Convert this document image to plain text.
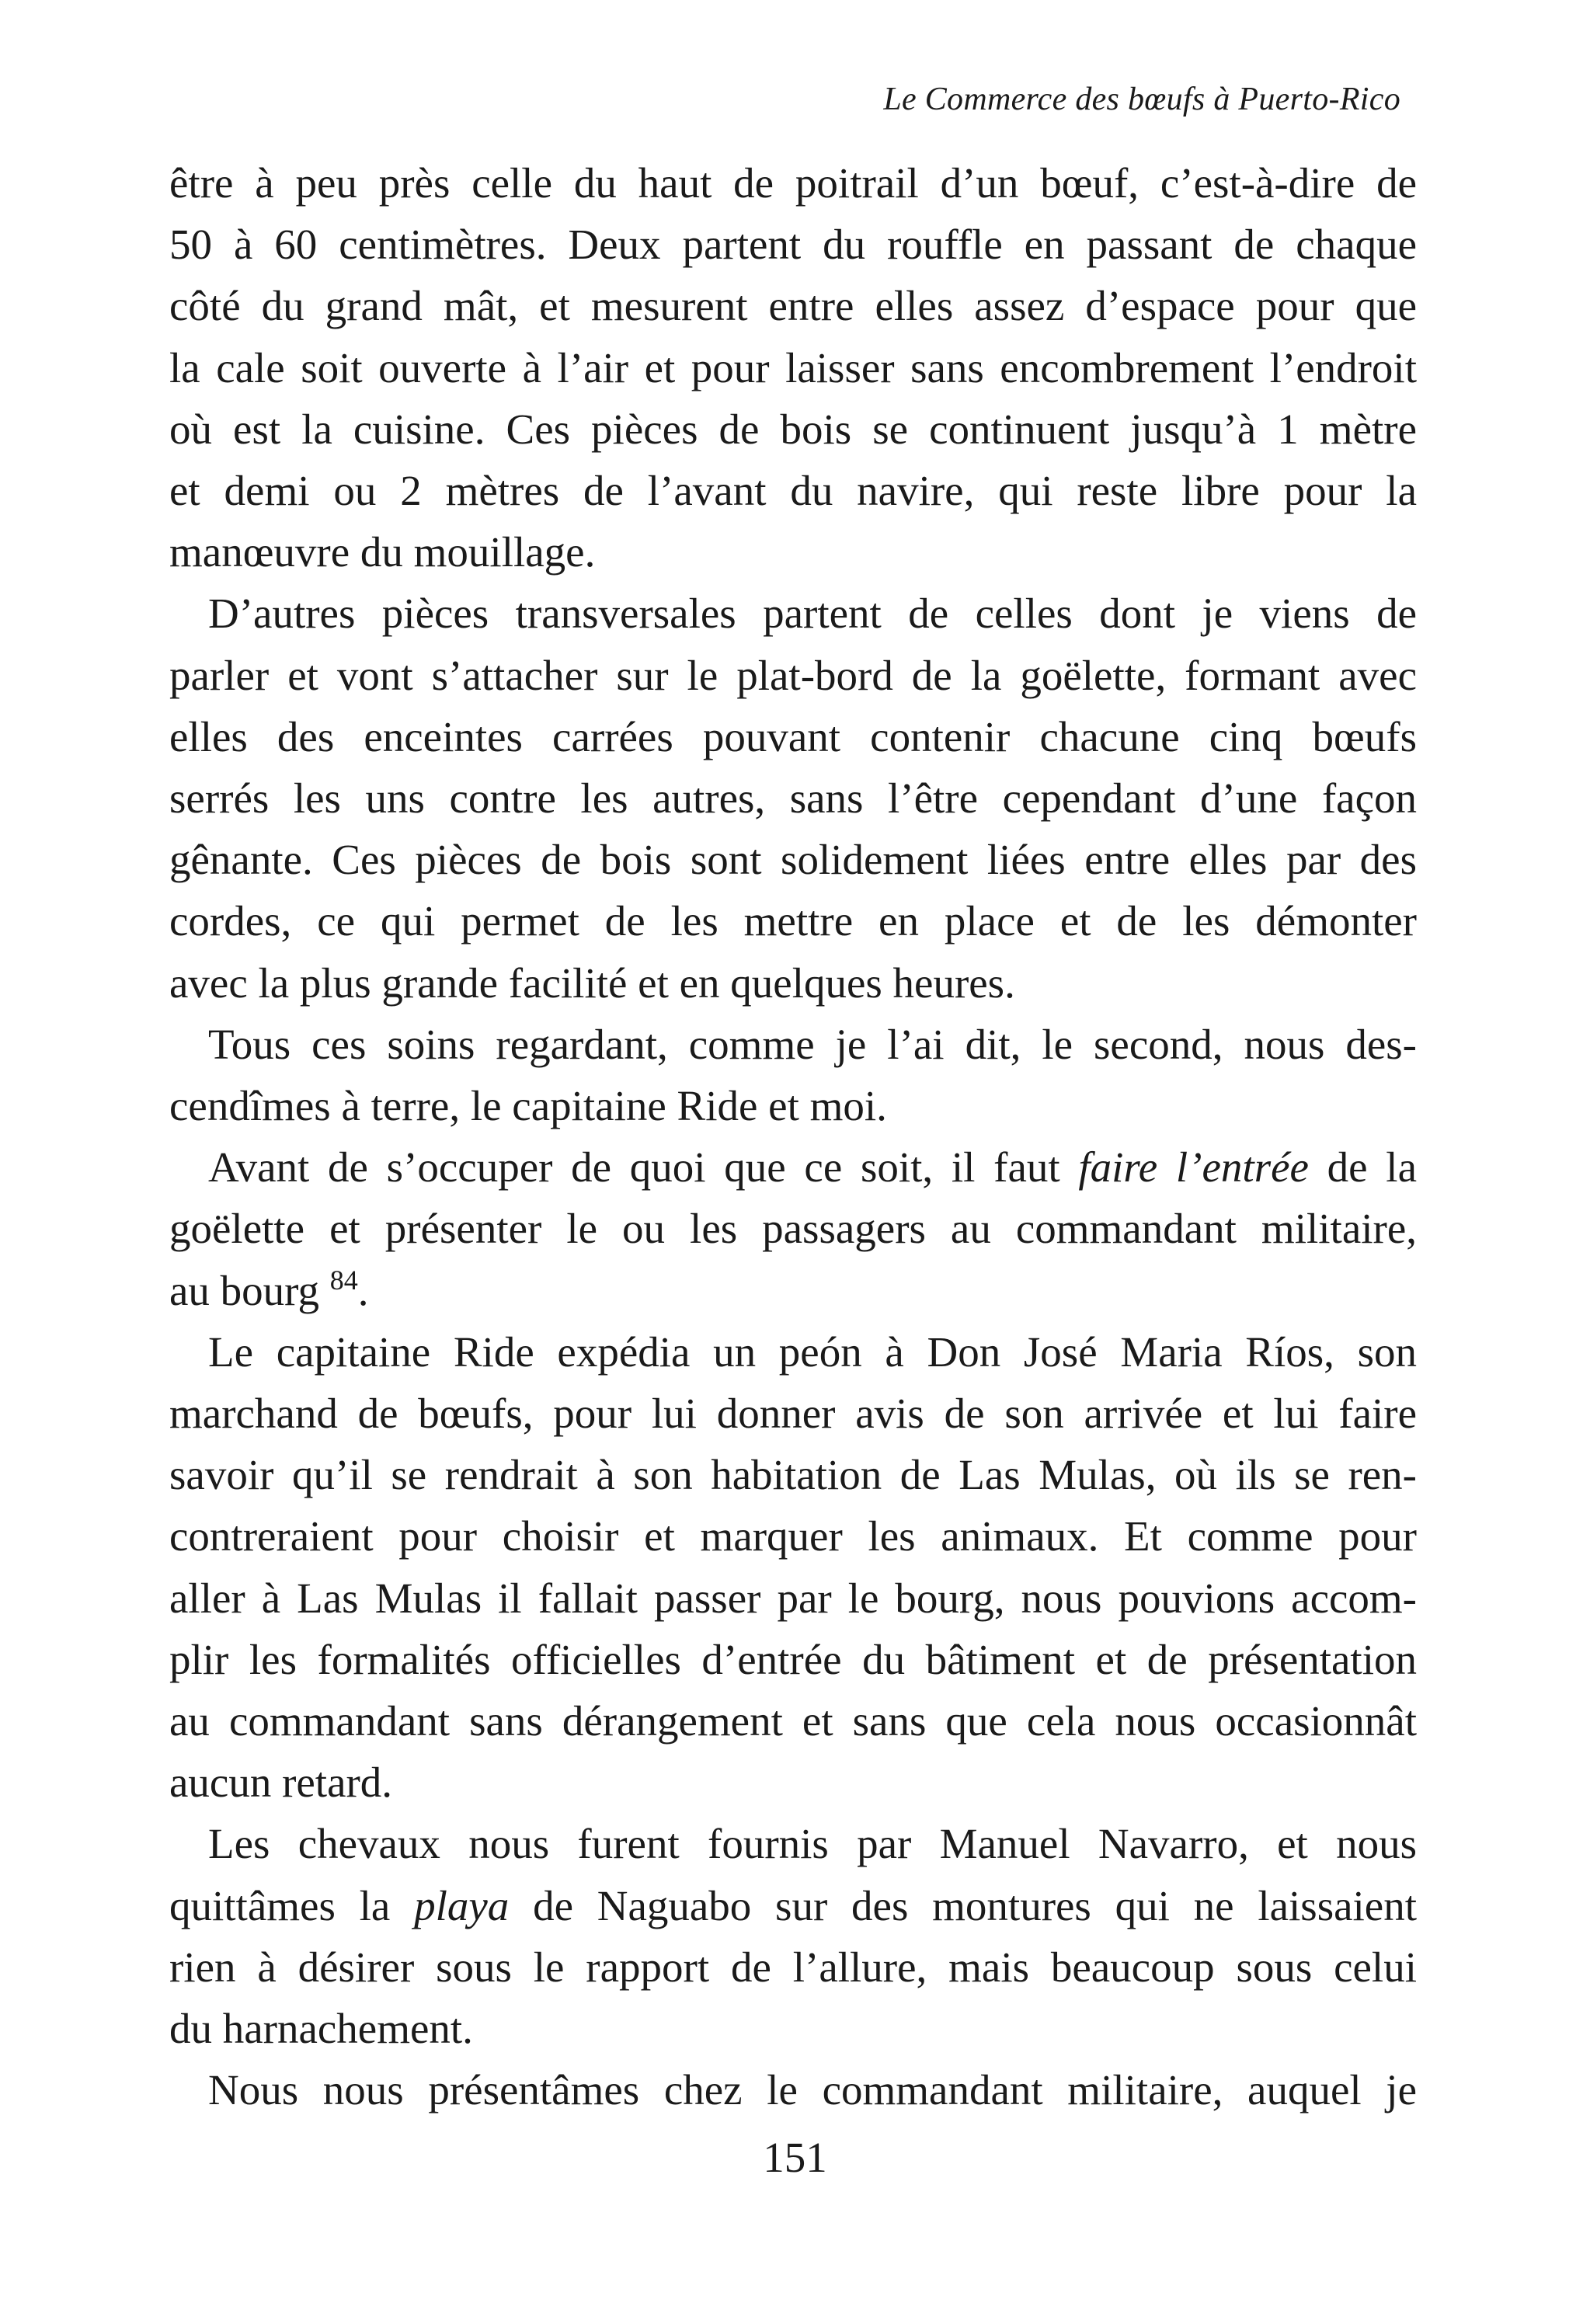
Le Commerce des bœufs à Puerto-Rico

être à peu près celle du haut de poitrail d’un bœuf, c’est-à-dire de
50 à 60 centimètres. Deux partent du rouffle en passant de chaque
côté du grand mât, et mesurent entre elles assez d’espace pour que
la cale soit ouverte à l’air et pour laisser sans encombrement l’endroit
où est la cuisine. Ces pièces de bois se continuent jusqu’à 1 mètre
et demi ou 2 mètres de l’avant du navire, qui reste libre pour la
manœuvre du mouillage.

D’autres pièces transversales partent de celles dont je viens de
parler et vont s’attacher sur le plat-bord de la goëlette, formant avec
elles des enceintes carrées pouvant contenir chacune cinq bœufs
serrés les uns contre les autres, sans l’être cependant d’une façon
gênante. Ces pièces de bois sont solidement liées entre elles par des
cordes, ce qui permet de les mettre en place et de les démonter
avec la plus grande facilité et en quelques heures.

Tous ces soins regardant, comme je l’ai dit, le second, nous des-
cendîmes à terre, le capitaine Ride et moi.

Avant de s’occuper de quoi que ce soit, il faut faire l’entrée de la
goëlette et présenter le ou les passagers au commandant militaire,
au bourg $^{84}$.

Le capitaine Ride expédia un peón à Don José Maria Ríos, son
marchand de bœufs, pour lui donner avis de son arrivée et lui faire
savoir qu’il se rendrait à son habitation de Las Mulas, où ils se ren-
contreraient pour choisir et marquer les animaux. Et comme pour
aller à Las Mulas il fallait passer par le bourg, nous pouvions accom-
plir les formalités officielles d’entrée du bâtiment et de présentation
au commandant sans dérangement et sans que cela nous occasionnât
aucun retard.

Les chevaux nous furent fournis par Manuel Navarro, et nous
quittâmes la playa de Naguabo sur des montures qui ne laissaient
rien à désirer sous le rapport de l’allure, mais beaucoup sous celui
du harnachement.

Nous nous présentâmes chez le commandant militaire, auquel je

151
